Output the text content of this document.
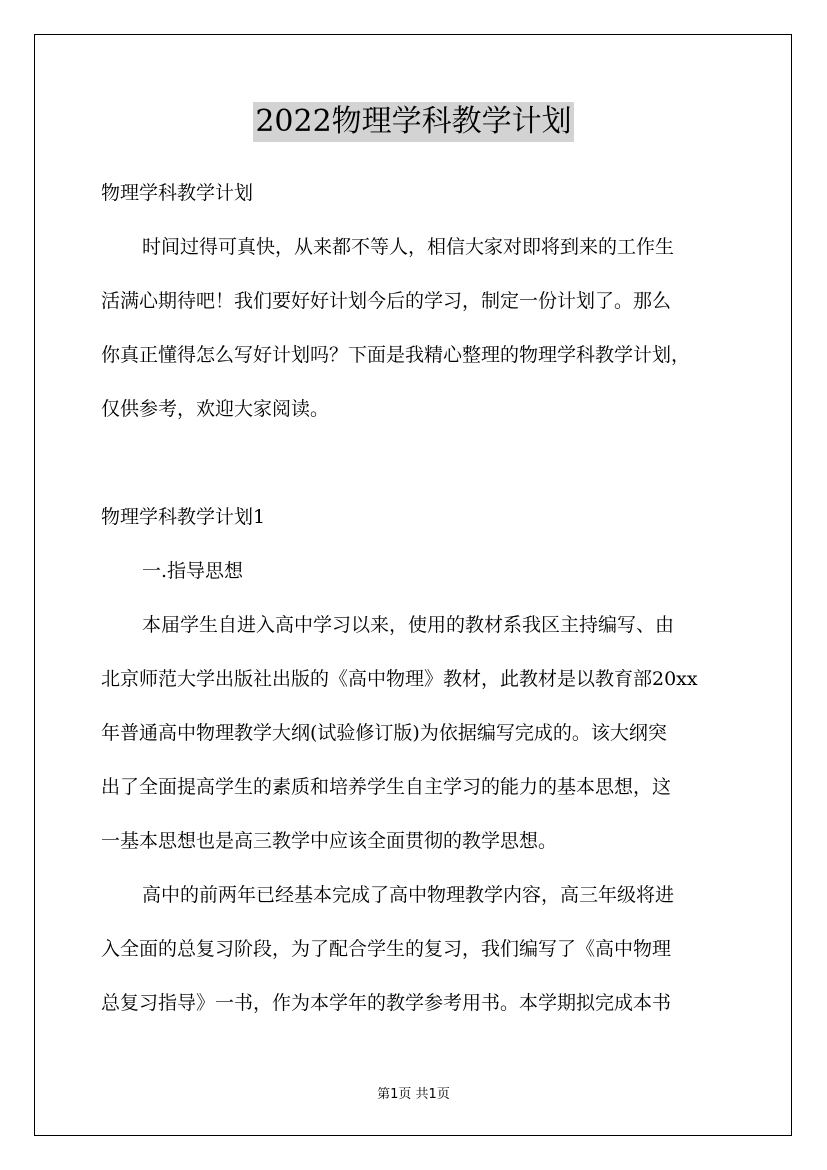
2022物理学科教学计划
物理学科教学计划
时间过得可真快，从来都不等人，相信大家对即将到来的工作生
活满心期待吧！我们要好好计划今后的学习，制定一份计划了。那么
你真正懂得怎么写好计划吗？下面是我精心整理的物理学科教学计划，
仅供参考，欢迎大家阅读。
物理学科教学计划1
一.指导思想
本届学生自进入高中学习以来，使用的教材系我区主持编写、由
北京师范大学出版社出版的《高中物理》教材，此教材是以教育部20xx
年普通高中物理教学大纲(试验修订版)为依据编写完成的。该大纲突
出了全面提高学生的素质和培养学生自主学习的能力的基本思想，这
一基本思想也是高三教学中应该全面贯彻的教学思想。
高中的前两年已经基本完成了高中物理教学内容，高三年级将进
入全面的总复习阶段，为了配合学生的复习，我们编写了《高中物理
总复习指导》一书，作为本学年的教学参考用书。本学期拟完成本书
第1页 共1页
